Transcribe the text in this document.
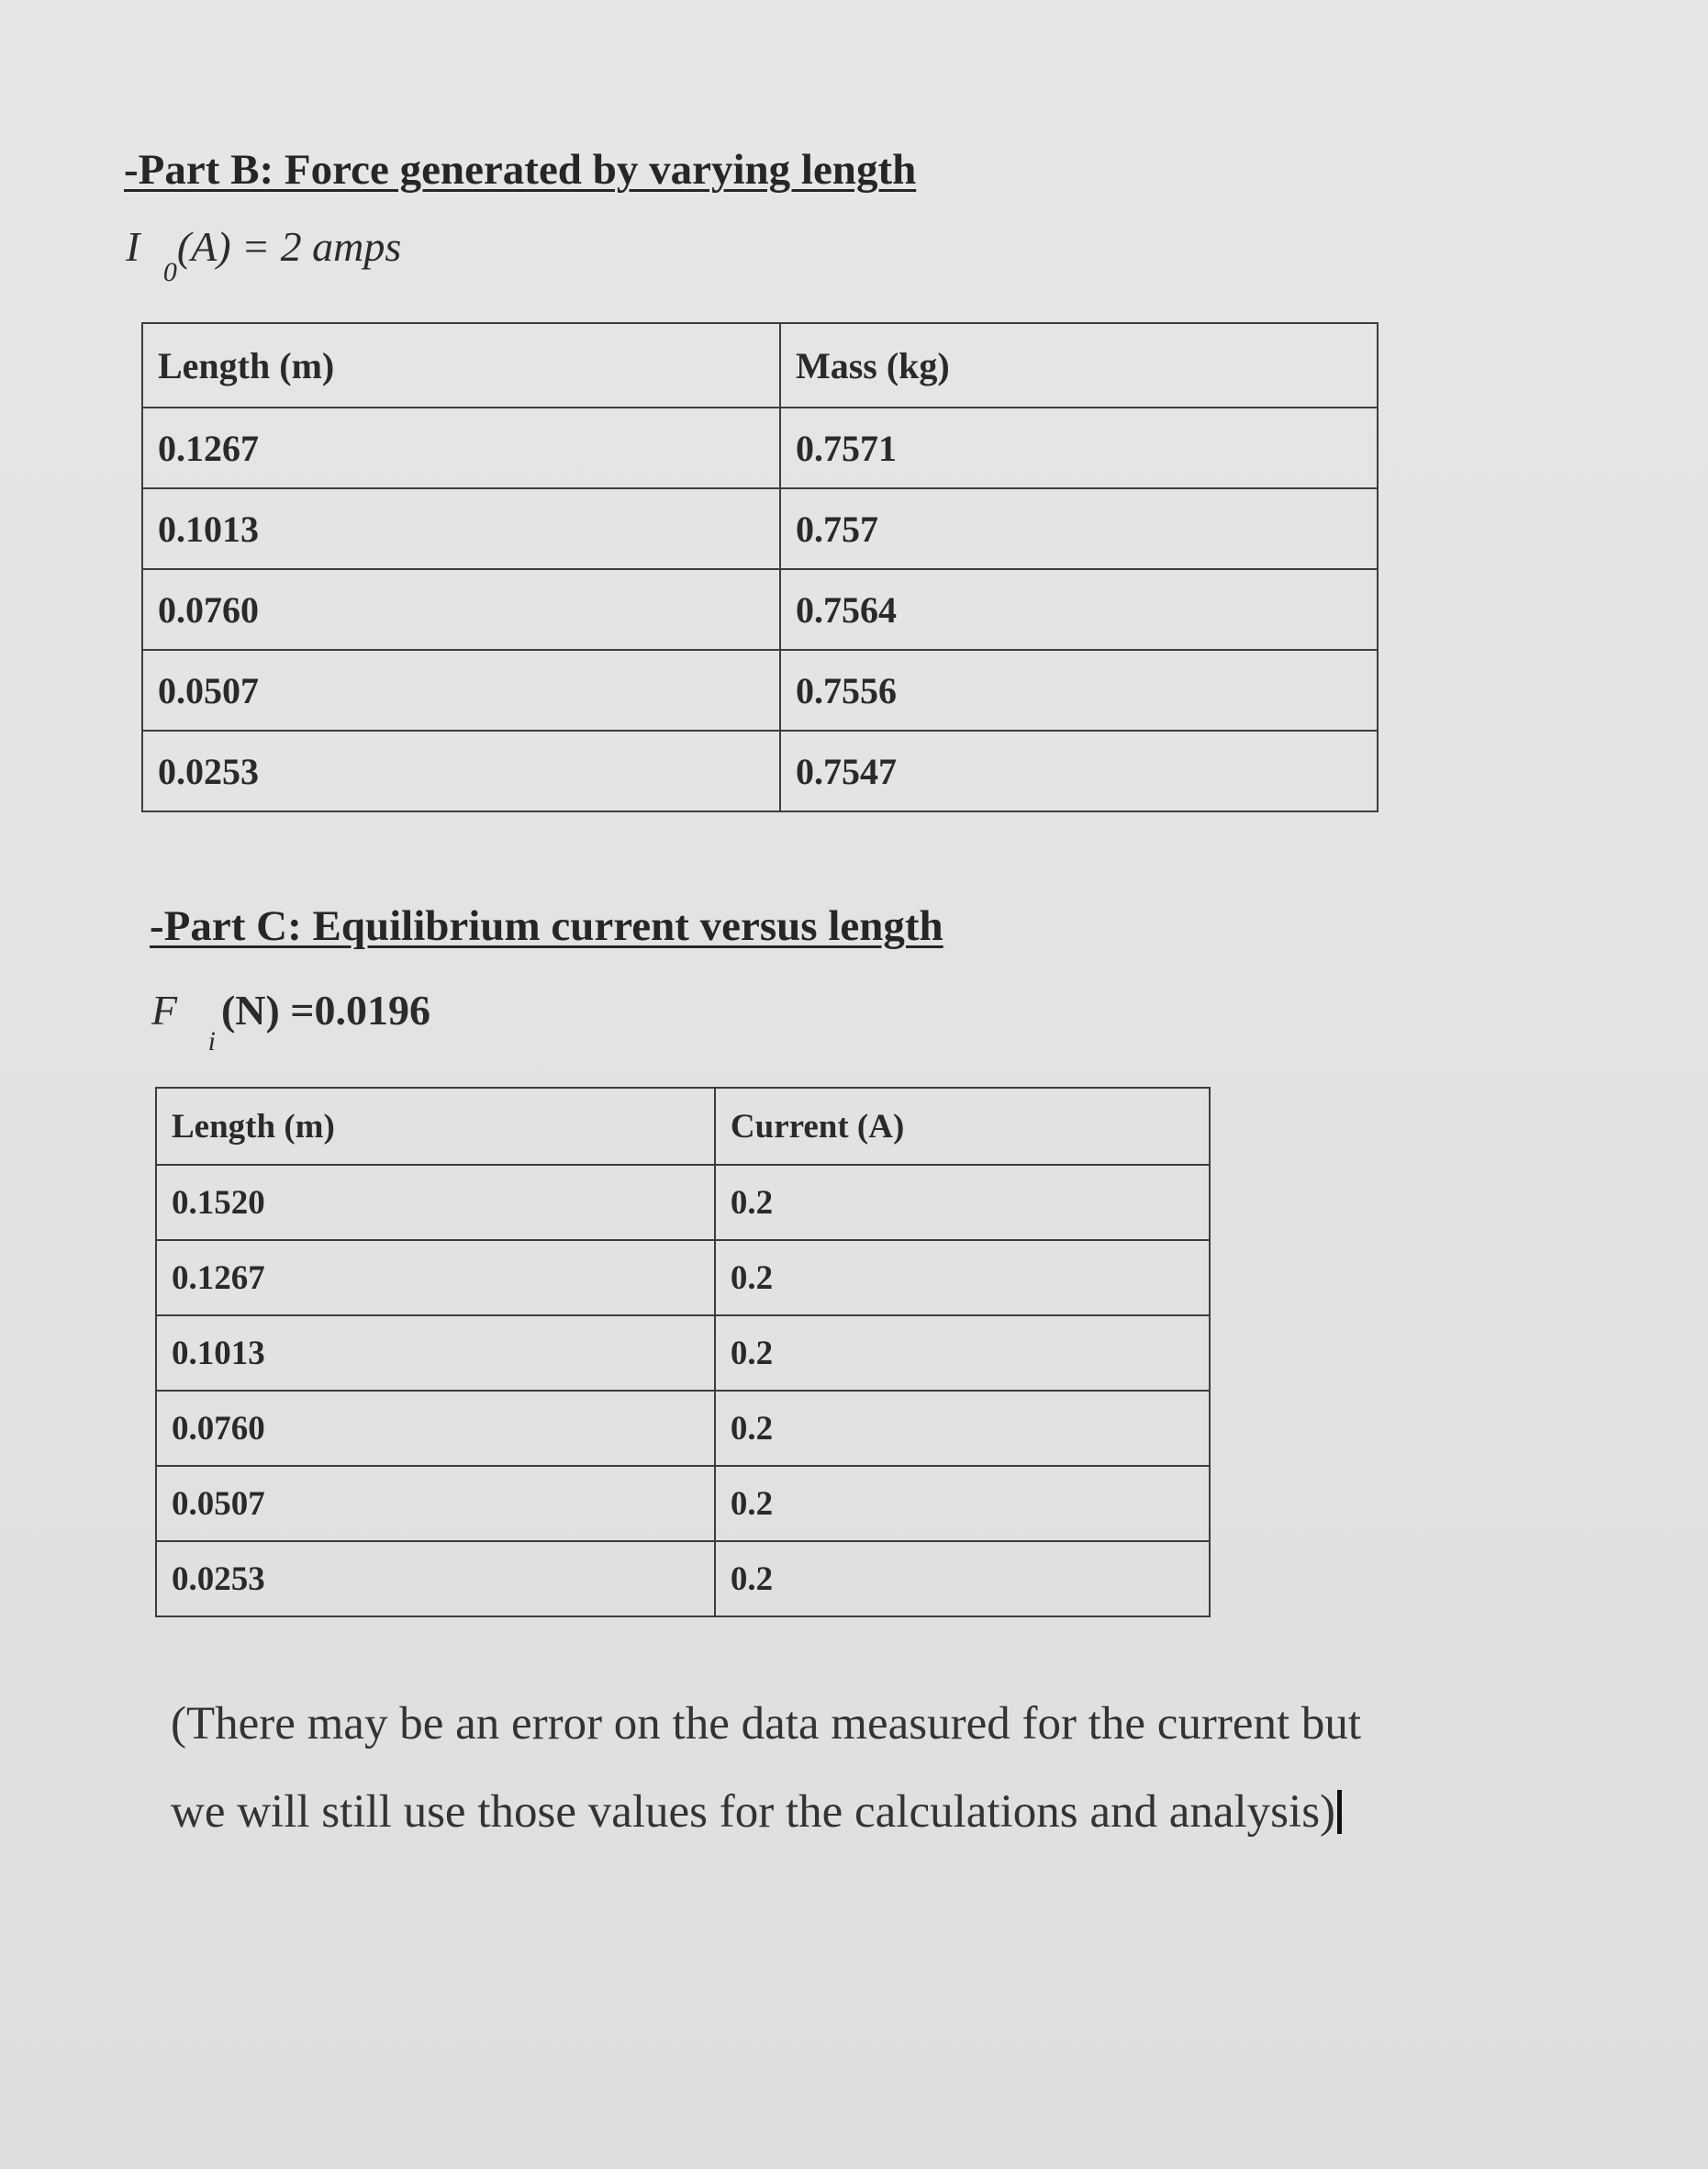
-Part B: Force generated by varying length
I $_0$(A) = 2 amps
Length (m)	Mass (kg)
0.1267	0.7571
0.1013	0.757
0.0760	0.7564
0.0507	0.7556
0.0253	0.7547
-Part C: Equilibrium current versus length
F $_i$(N) =0.0196
Length (m)	Current (A)
0.1520	0.2
0.1267	0.2
0.1013	0.2
0.0760	0.2
0.0507	0.2
0.0253	0.2
(There may be an error on the data measured for the current but
we will still use those values for the calculations and analysis)
